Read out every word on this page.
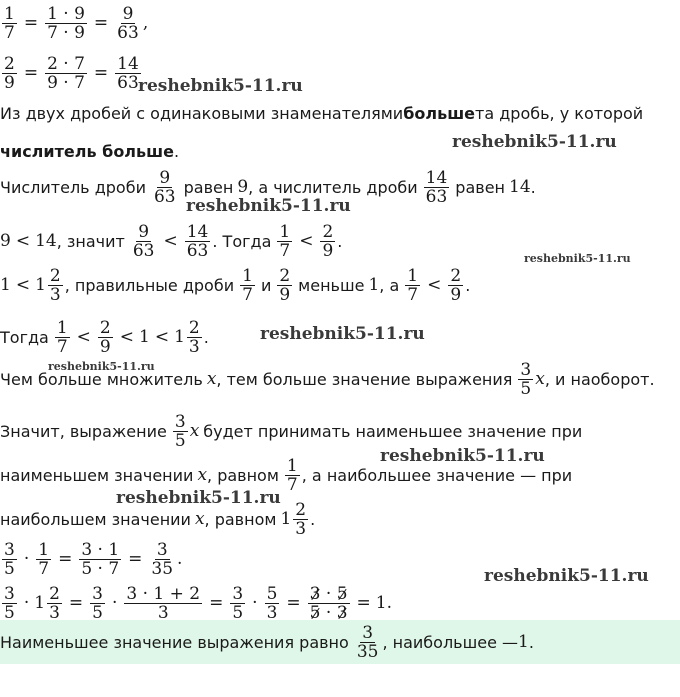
$\frac{1}{7} = \frac{1 \cdot 9}{7 \cdot 9} = \frac{9}{63}$ ,
$\frac{2}{9} = \frac{2 \cdot 7}{9 \cdot 7} = \frac{14}{63}$
reshebnik5-11.ru
Из двух дробей с одинаковыми знаменателями больше та дробь, у которой
reshebnik5-11.ru
числитель больше .
Числитель дроби $\frac{9}{63}$ равен 9 , а числитель дроби $\frac{14}{63}$ равен 14 .
reshebnik5-11.ru
9 < 14 , значит $\frac{9}{63} < \frac{14}{63}$ . Тогда $\frac{1}{7} < \frac{2}{9}$ .
reshebnik5-11.ru
$1 < 1 \frac{2}{3}$ , правильные дроби $\frac{1}{7}$ и $\frac{2}{9}$ меньше 1 , а $\frac{1}{7} < \frac{2}{9}$ .
Тогда $\frac{1}{7} < \frac{2}{9} < 1 < 1 \frac{2}{3}$ .	reshebnik5-11.ru
reshebnik5-11.ru
Чем больше множитель x , тем больше значение выражения $\frac{3}{5}$ x , и наоборот.
Значит, выражение $\frac{3}{5}$ x будет принимать наименьшее значение при
reshebnik5-11.ru
наименьшем значении x , равном $\frac{1}{7}$ , а наибольшее значение — при
reshebnik5-11.ru
наибольшем значении x , равном $1 \frac{2}{3}$ .
$\frac{3}{5} \cdot \frac{1}{7} = \frac{3 \cdot 1}{5 \cdot 7} = \frac{3}{35}$ .
reshebnik5-11.ru
$\frac{3}{5} \cdot 1 \frac{2}{3} = \frac{3}{5} \cdot \frac{3 \cdot 1 + 2}{3} = \frac{3}{5} \cdot \frac{5}{3} = \frac{3 \cdot 5}{5 \cdot 3} = 1$ .
Наименьшее значение выражения равно $\frac{3}{35}$ , наибольшее — 1 .
